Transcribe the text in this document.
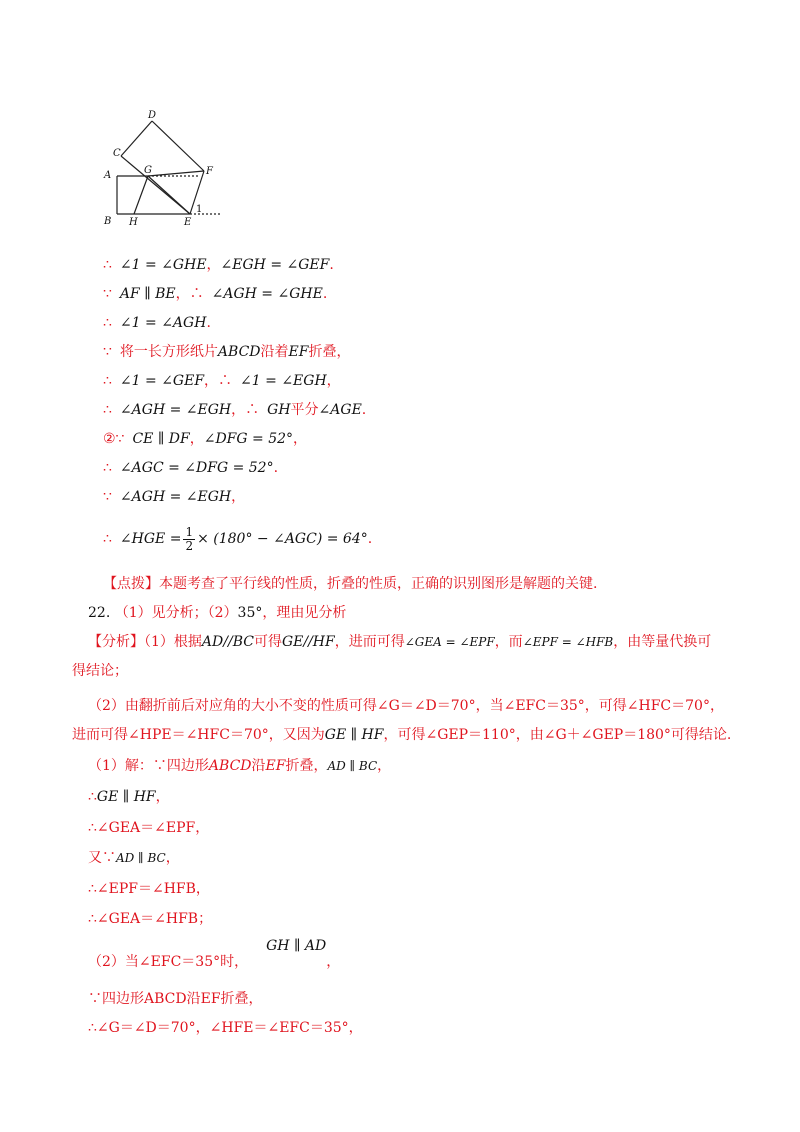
A
B
C
D
E
F
G
H
1
∴ ∠1 = ∠GHE，∠EGH = ∠GEF.
∵ AF ∥ BE，∴ ∠AGH = ∠GHE.
∴ ∠1 = ∠AGH.
∵ 将一长方形纸片ABCD沿着EF折叠，
∴ ∠1 = ∠GEF，∴ ∠1 = ∠EGH，
∴ ∠AGH = ∠EGH，∴ GH平分∠AGE.
②∵ CE ∥ DF，∠DFG = 52°，
∴ ∠AGC = ∠DFG = 52°.
∵ ∠AGH = ∠EGH，
∴ ∠HGE = $\frac{1}{2} \times (180^\circ$ − ∠AGC) = 64°.
【点拨】本题考查了平行线的性质，折叠的性质，正确的识别图形是解题的关键.
22. （1）见分析；（2）35°，理由见分析
【分析】（1）根据AD//BC可得GE//HF，进而可得∠GEA = ∠EPF，而∠EPF = ∠HFB，由等量代换可
得结论；
（2）由翻折前后对应角的大小不变的性质可得∠G＝∠D＝70°，当∠EFC＝35°，可得∠HFC＝70°，
进而可得∠HPE＝∠HFC＝70°，又因为GE ∥ HF，可得∠GEP＝110°，由∠G＋∠GEP＝180°可得结论.
（1）解：∵四边形ABCD沿EF折叠，AD ∥ BC，
∴GE ∥ HF，
∴∠GEA＝∠EPF，
又∵AD ∥ BC，
∴∠EPF＝∠HFB，
∴∠GEA＝∠HFB；
（2）当∠EFC＝35°时，GH ∥ AD，
∵四边形ABCD沿EF折叠，
∴∠G＝∠D＝70°，∠HFE＝∠EFC＝35°，
